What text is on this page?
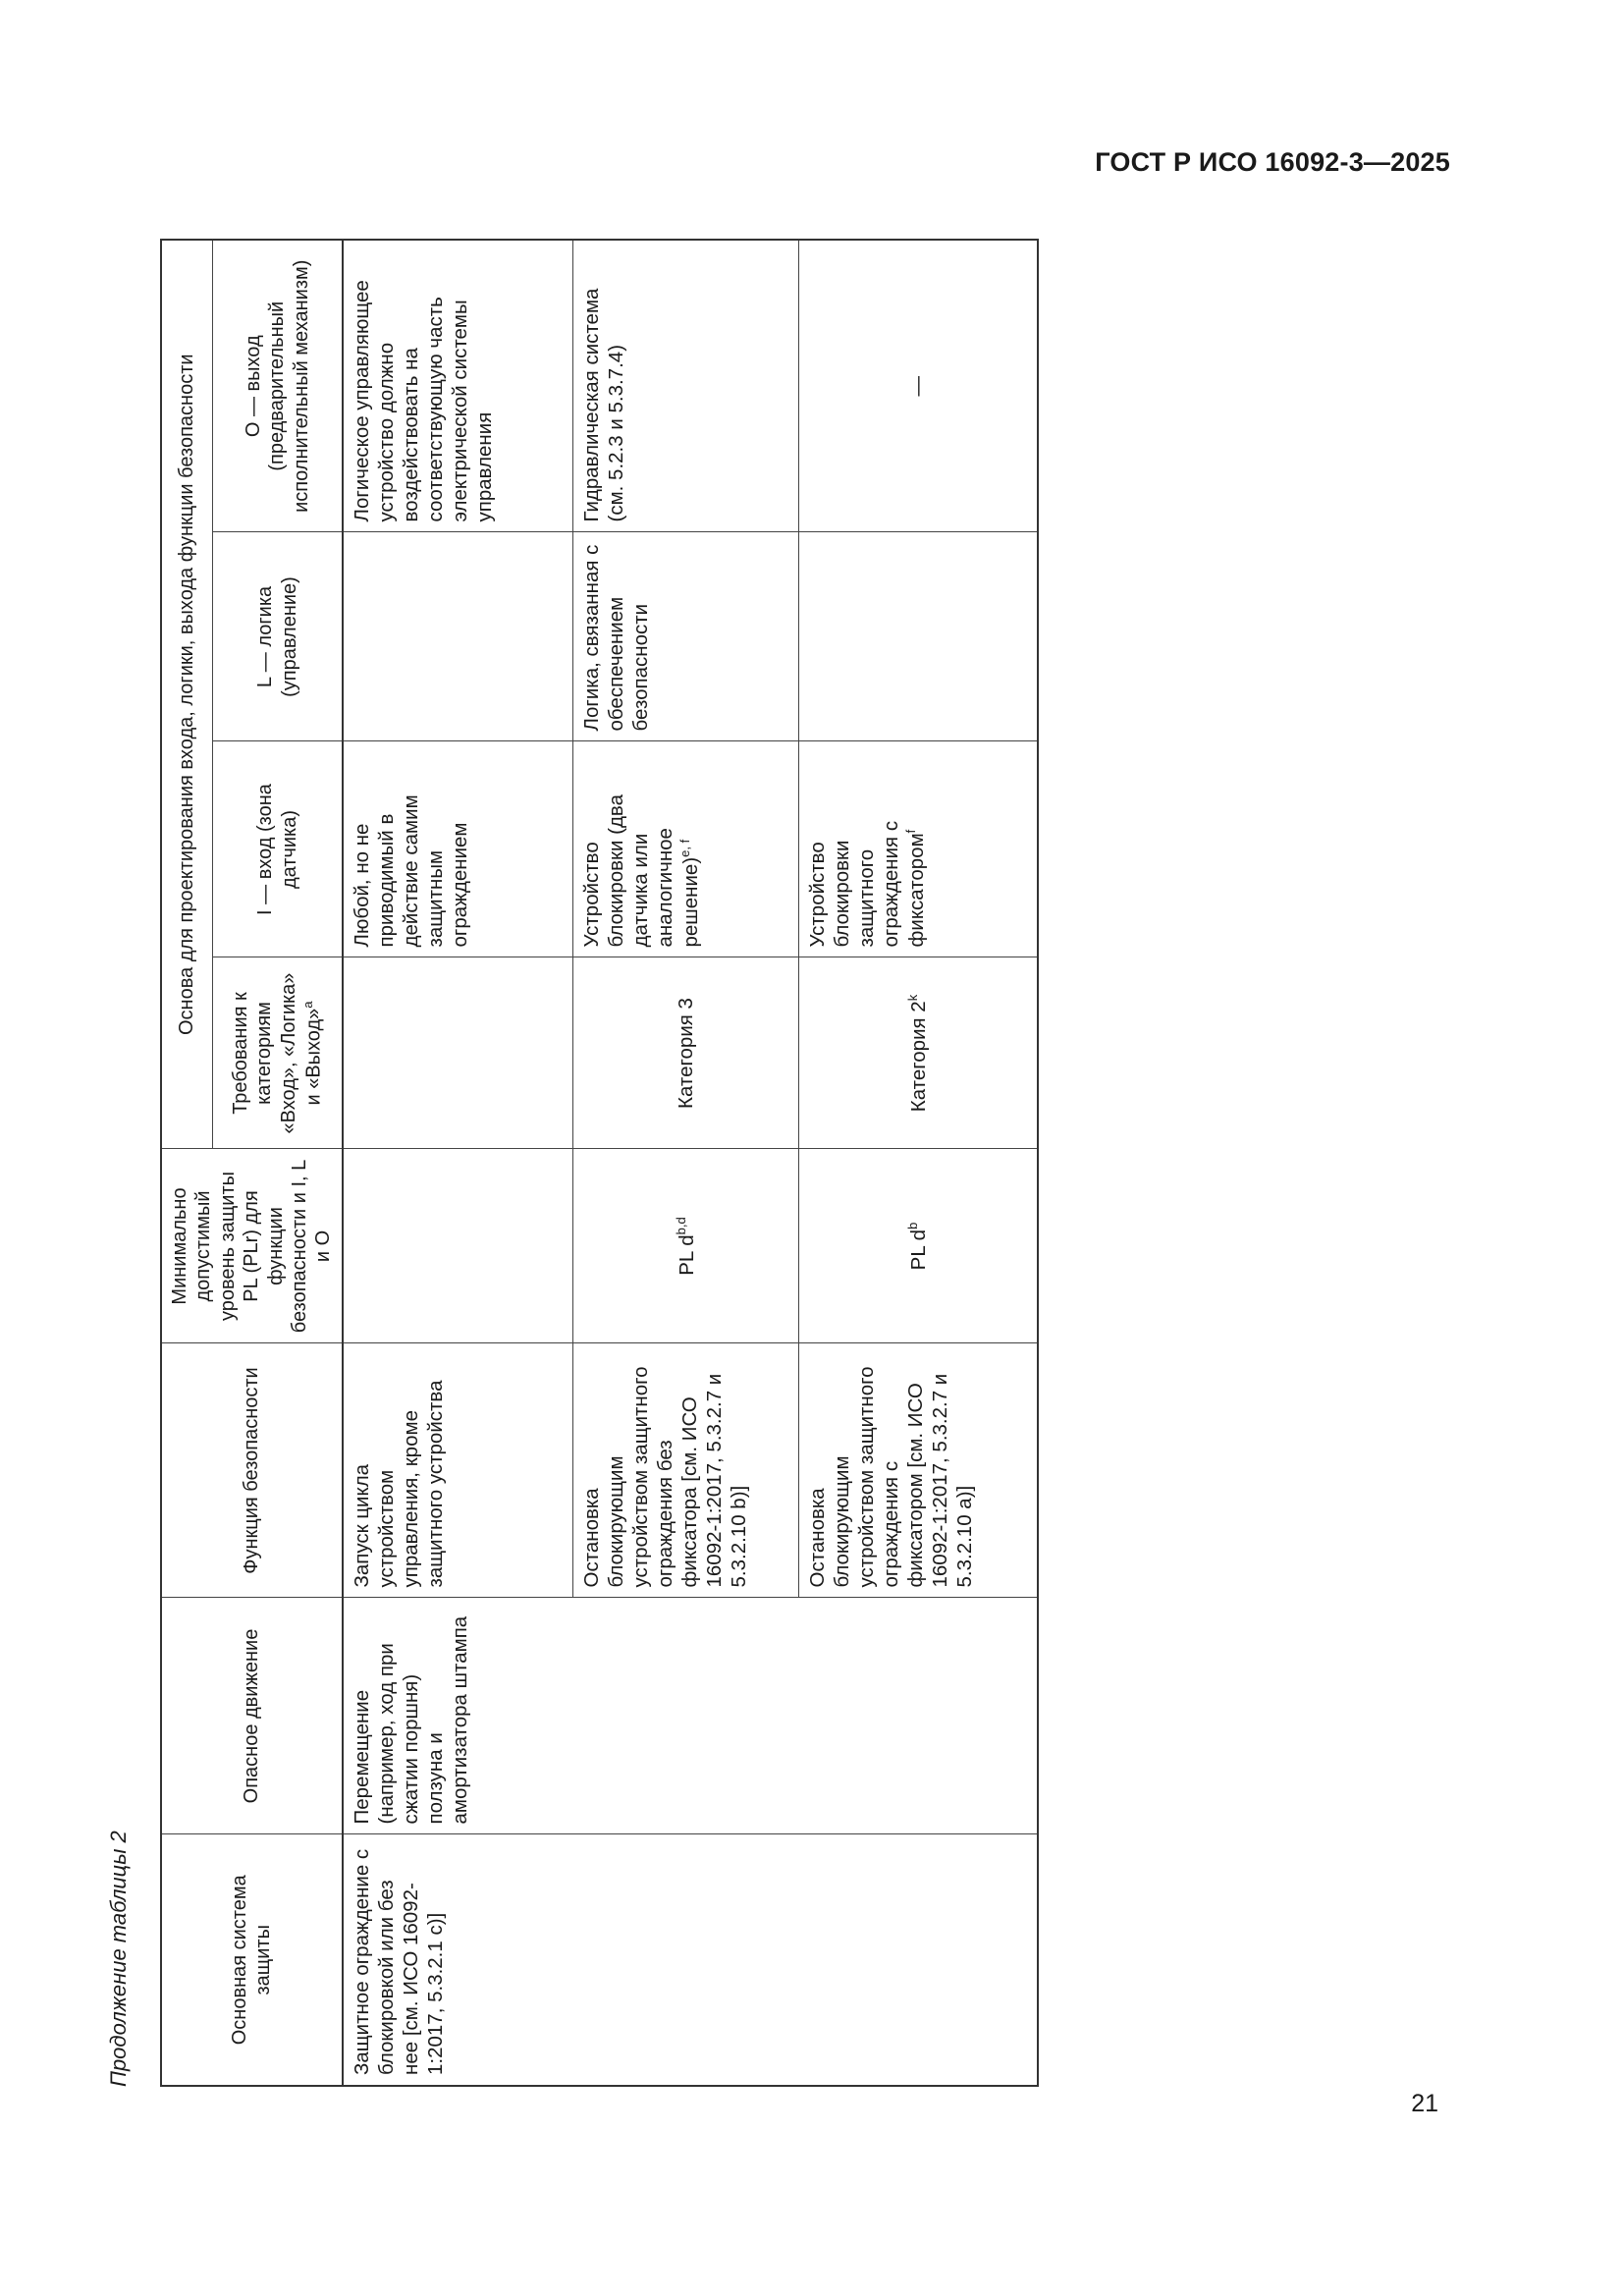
ГОСТ Р ИСО 16092-3—2025
Продолжение таблицы 2	Основная система защиты	Опасное движение	Функция безопасности	Минимально допустимый уровень защиты PL (PLr) для функции безопасности и I, L и O	Основа для проектирования входа, логики, выхода функции безопасности			
				Требования к категориям «Вход», «Логика» и «Выход»$^a$	I — вход (зона датчика)	L — логика (управление)	O — выход (предварительный исполнительный механизм)
Защитное ограждение с блокировкой или без нее [см. ИСО 16092-1:2017, 5.3.2.1 c)]	Перемещение (например, ход при сжатии поршня) ползуна и амортизатора штампа	Запуск цикла устройством управления, кроме защитного устройства			Любой, но не приводимый в действие самим защитным ограждением		Логическое управляющее устройство должно воздействовать на соответствующую часть электрической системы управления
		Остановка блокирующим устройством защитного ограждения без фиксатора [см. ИСО 16092-1:2017, 5.3.2.7 и 5.3.2.10 b)]	PL $d^{b,d}$	Категория 3	Устройство блокировки (два датчика или аналогичное решение)$^{e, f}$	Логика, связанная с обеспечением безопасности	Гидравлическая система (см. 5.2.3 и 5.3.7.4)
		Остановка блокирующим устройством защитного ограждения с фиксатором [см. ИСО 16092-1:2017, 5.3.2.7 и 5.3.2.10 a)]	PL $d^b$	Категория 2$^k$	Устройство блокировки защитного ограждения с фиксатором$^f$		—
21
